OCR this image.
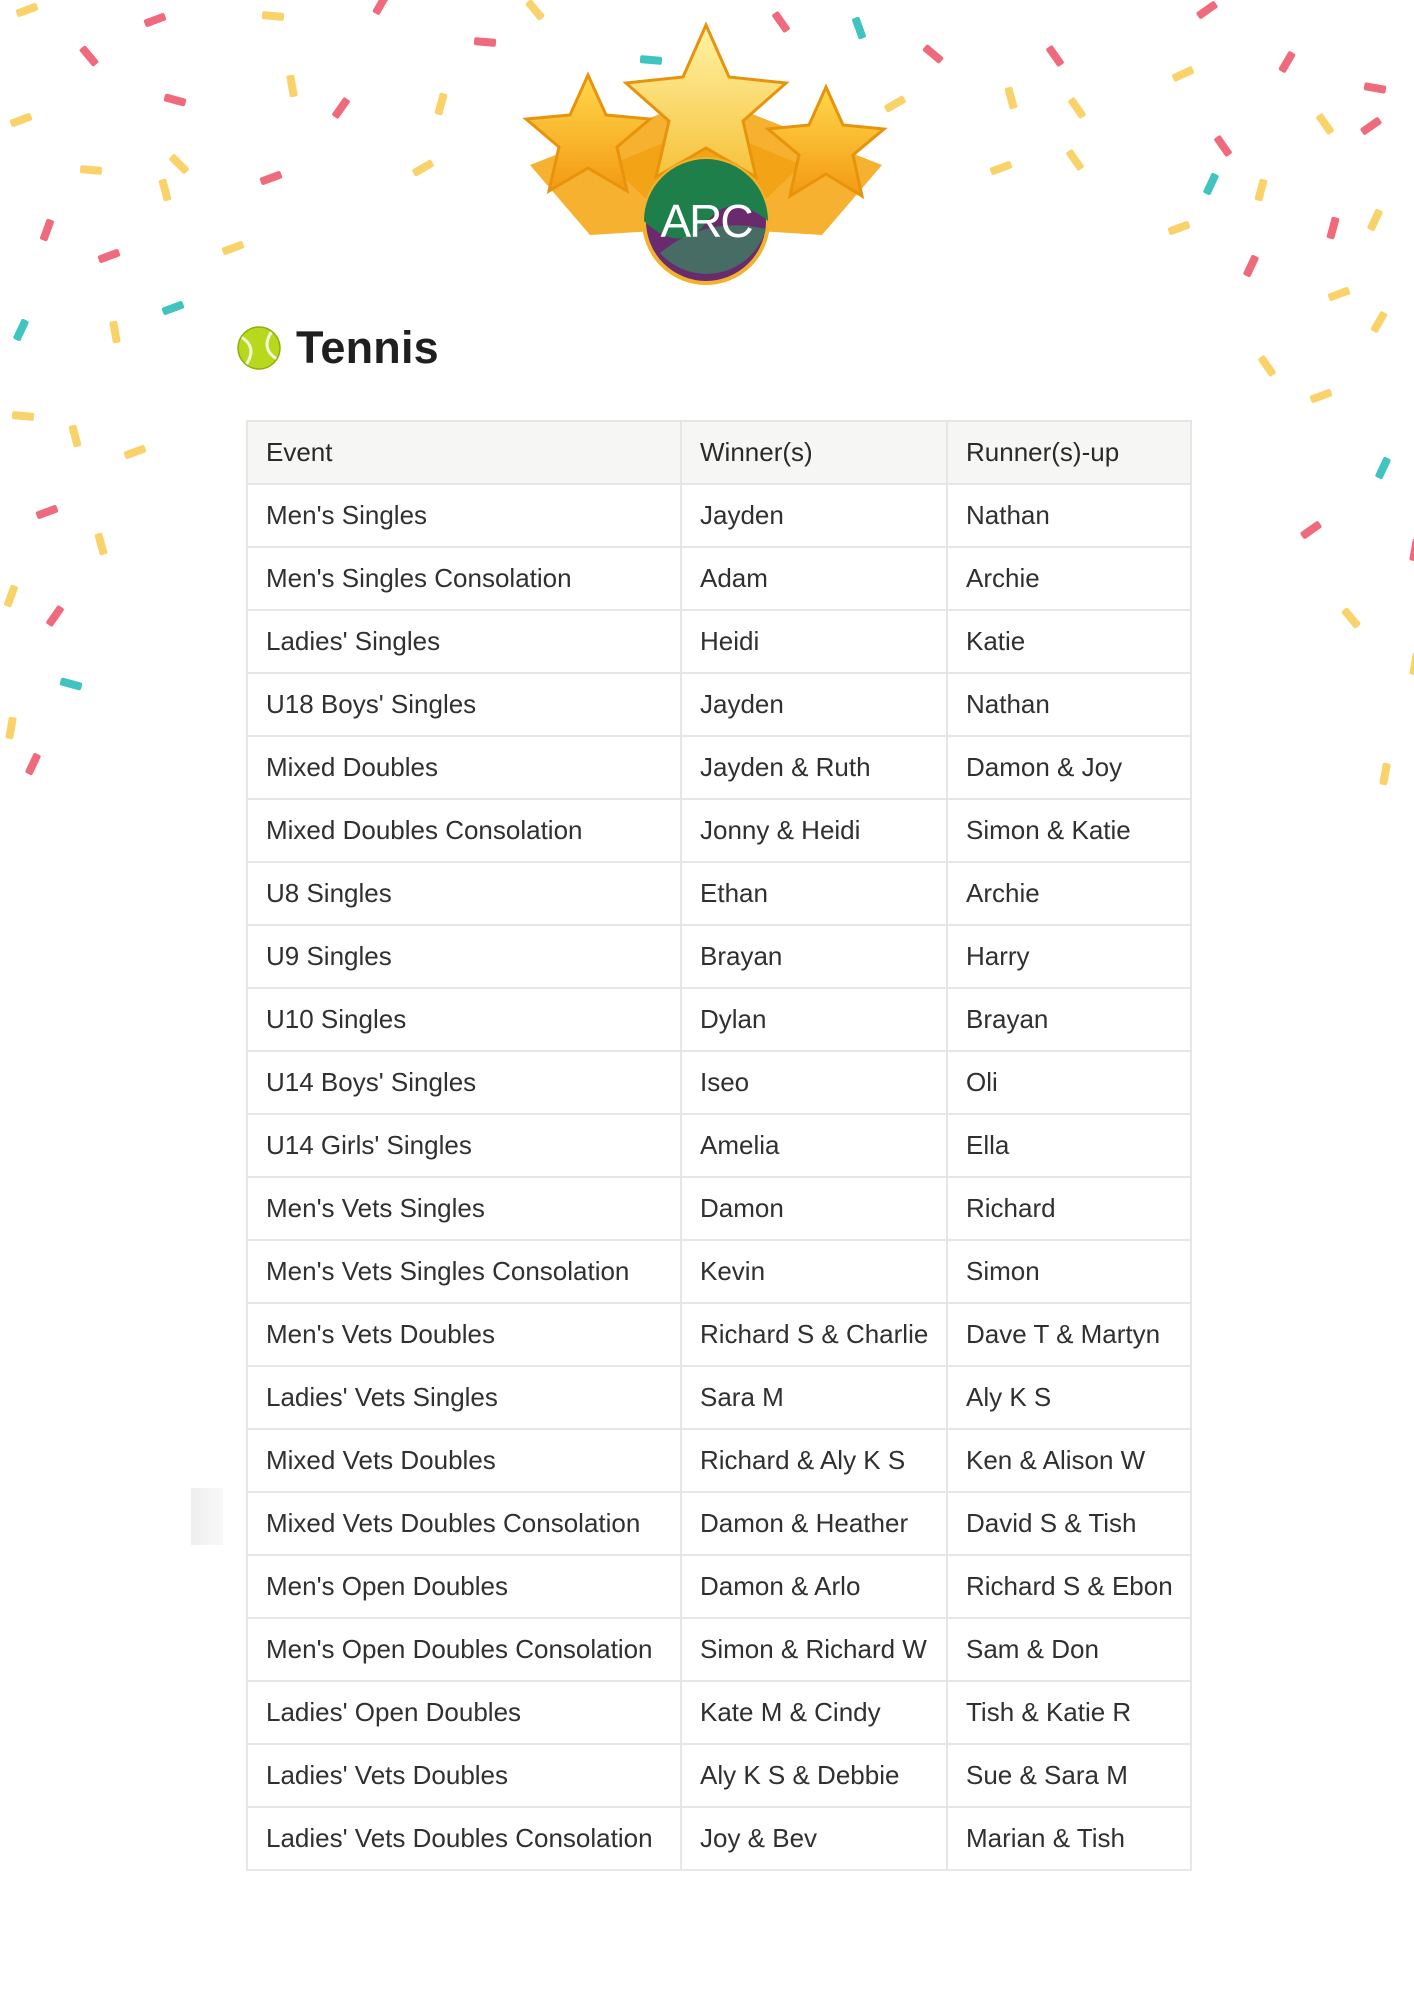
ARC
Tennis
Event	Winner(s)	Runner(s)-up
Men's Singles	Jayden	Nathan
Men's Singles Consolation	Adam	Archie
Ladies' Singles	Heidi	Katie
U18 Boys' Singles	Jayden	Nathan
Mixed Doubles	Jayden & Ruth	Damon & Joy
Mixed Doubles Consolation	Jonny & Heidi	Simon & Katie
U8 Singles	Ethan	Archie
U9 Singles	Brayan	Harry
U10 Singles	Dylan	Brayan
U14 Boys' Singles	Iseo	Oli
U14 Girls' Singles	Amelia	Ella
Men's Vets Singles	Damon	Richard
Men's Vets Singles Consolation	Kevin	Simon
Men's Vets Doubles	Richard S & Charlie	Dave T & Martyn
Ladies' Vets Singles	Sara M	Aly K S
Mixed Vets Doubles	Richard & Aly K S	Ken & Alison W
Mixed Vets Doubles Consolation	Damon & Heather	David S & Tish
Men's Open Doubles	Damon & Arlo	Richard S & Ebon
Men's Open Doubles Consolation	Simon & Richard W	Sam & Don
Ladies' Open Doubles	Kate M & Cindy	Tish & Katie R
Ladies' Vets Doubles	Aly K S & Debbie	Sue & Sara M
Ladies' Vets Doubles Consolation	Joy & Bev	Marian & Tish
